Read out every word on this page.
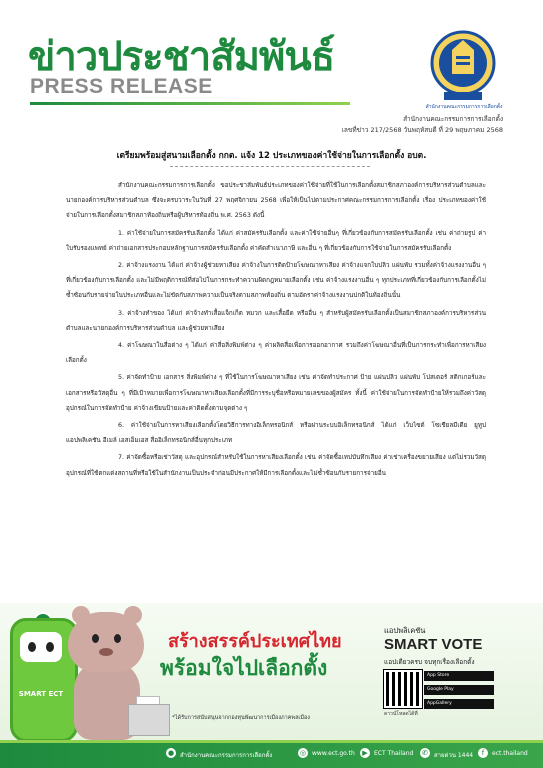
ข่าวประชาสัมพันธ์
PRESS RELEASE
สำนักงานคณะกรรมการการเลือกตั้ง
สำนักงานคณะกรรมการการเลือกตั้ง
เลขที่ข่าว 217/2568 วันพฤหัสบดี ที่ 29 พฤษภาคม 2568
เตรียมพร้อมสู่สนามเลือกตั้ง กกต. แจ้ง 12 ประเภทของค่าใช้จ่ายในการเลือกตั้ง อบต.

สำนักงานคณะกรรมการการเลือกตั้ง ขอประชาสัมพันธ์ประเภทของค่าใช้จ่ายที่ใช้ในการเลือกตั้งสมาชิกสภาองค์การบริหารส่วนตำบลและนายกองค์การบริหารส่วนตำบล ซึ่งจะครบวาระในวันที่ 27 พฤศจิกายน 2568 เพื่อให้เป็นไปตามประกาศคณะกรรมการการเลือกตั้ง เรื่อง ประเภทของค่าใช้จ่ายในการเลือกตั้งสมาชิกสภาท้องถิ่นหรือผู้บริหารท้องถิ่น พ.ศ. 2563 ดังนี้

1. ค่าใช้จ่ายในการสมัครรับเลือกตั้ง ได้แก่ ค่าสมัครรับเลือกตั้ง และค่าใช้จ่ายอื่นๆ ที่เกี่ยวข้องกับการสมัครรับเลือกตั้ง เช่น ค่าถ่ายรูป ค่าใบรับรองแพทย์ ค่าถ่ายเอกสารประกอบหลักฐานการสมัครรับเลือกตั้ง ค่าคัดสำเนาภาษี และอื่น ๆ ที่เกี่ยวข้องกับการใช้จ่ายในการสมัครรับเลือกตั้ง

2. ค่าจ้างแรงงาน ได้แก่ ค่าจ้างผู้ช่วยหาเสียง ค่าจ้างในการติดป้ายโฆษณาหาเสียง ค่าจ้างแจกใบปลิว แผ่นพับ รวมทั้งค่าจ้างแรงงานอื่น ๆ ที่เกี่ยวข้องกับการเลือกตั้ง และไม่มีพฤติการณ์ที่ส่อไปในการกระทำความผิดกฎหมายเลือกตั้ง เช่น ค่าจ้างแรงงานอื่น ๆ ทุกประเภทที่เกี่ยวข้องกับการเลือกตั้งไม่ซ้ำซ้อนกับรายจ่ายในประเภทอื่นและไม่ขัดกับสภาพความเป็นจริงตามสภาพท้องถิ่น ตามอัตราค่าจ้างแรงงานปกติในท้องถิ่นนั้น

3. ค่าจ้างทำของ ได้แก่ ค่าจ้างทำเสื้อแจ็กเก็ต หมวก และเสื้อยืด หรืออื่น ๆ สำหรับผู้สมัครรับเลือกตั้งเป็นสมาชิกสภาองค์การบริหารส่วนตำบลและนายกองค์การบริหารส่วนตำบล และผู้ช่วยหาเสียง

4. ค่าโฆษณาในสื่อต่าง ๆ ได้แก่ ค่าสื่อสิ่งพิมพ์ต่าง ๆ ค่าผลิตสื่อเพื่อการออกอากาศ รวมถึงค่าโฆษณาอื่นที่เป็นการกระทำเพื่อการหาเสียงเลือกตั้ง

5. ค่าจัดทำป้าย เอกสาร สิ่งพิมพ์ต่าง ๆ ที่ใช้ในการโฆษณาหาเสียง เช่น ค่าจัดทำประกาศ ป้าย แผ่นปลิว แผ่นพับ โปสเตอร์ สติกเกอร์และเอกสารหรือวัสดุอื่น ๆ ที่มีเป้าหมายเพื่อการโฆษณาหาเสียงเลือกตั้งที่มีการระบุชื่อหรือหมายเลขของผู้สมัคร ทั้งนี้ ค่าใช้จ่ายในการจัดทำป้ายให้รวมถึงค่าวัสดุอุปกรณ์ในการจัดทำป้าย ค่าจ้างเขียนป้ายและค่าติดตั้งตามจุดต่าง ๆ

6. ค่าใช้จ่ายในการหาเสียงเลือกตั้งโดยวิธีการทางอิเล็กทรอนิกส์ หรือผ่านระบบอิเล็กทรอนิกส์ ได้แก่ เว็บไซต์ โซเชียลมีเดีย ยูทูป แอปพลิเคชัน อีเมล์ เอสเอ็มเอส สื่ออิเล็กทรอนิกส์อื่นทุกประเภท

7. ค่าจัดซื้อหรือเช่าวัสดุ และอุปกรณ์สำหรับใช้ในการหาเสียงเลือกตั้ง เช่น ค่าจัดซื้อเทปบันทึกเสียง ค่าเช่าเครื่องขยายเสียง แต่ไม่รวมวัสดุอุปกรณ์ที่ใช้ตกแต่งสถานที่หรือใช้ในสำนักงานเป็นประจำก่อนมีประกาศให้มีการเลือกตั้งและไม่ซ้ำซ้อนกับรายการจ่ายอื่น

SMART ECT
สร้างสรรค์ประเทศไทย
พร้อมใจไปเลือกตั้ง
*ได้รับการสนับสนุนจากกองทุนพัฒนาการเมืองภาคพลเมือง
แอปพลิเคชัน
SMART VOTE
แอปเดียวครบ จบทุกเรื่องเลือกตั้ง
App Store
Google Play
AppGallery
ดาวน์โหลดได้ที่
● สำนักงานคณะกรรมการการเลือกตั้ง	◎ www.ect.go.th	▶	ECT Thailand ✆	สายด่วน 1444	f	ect.thailand
